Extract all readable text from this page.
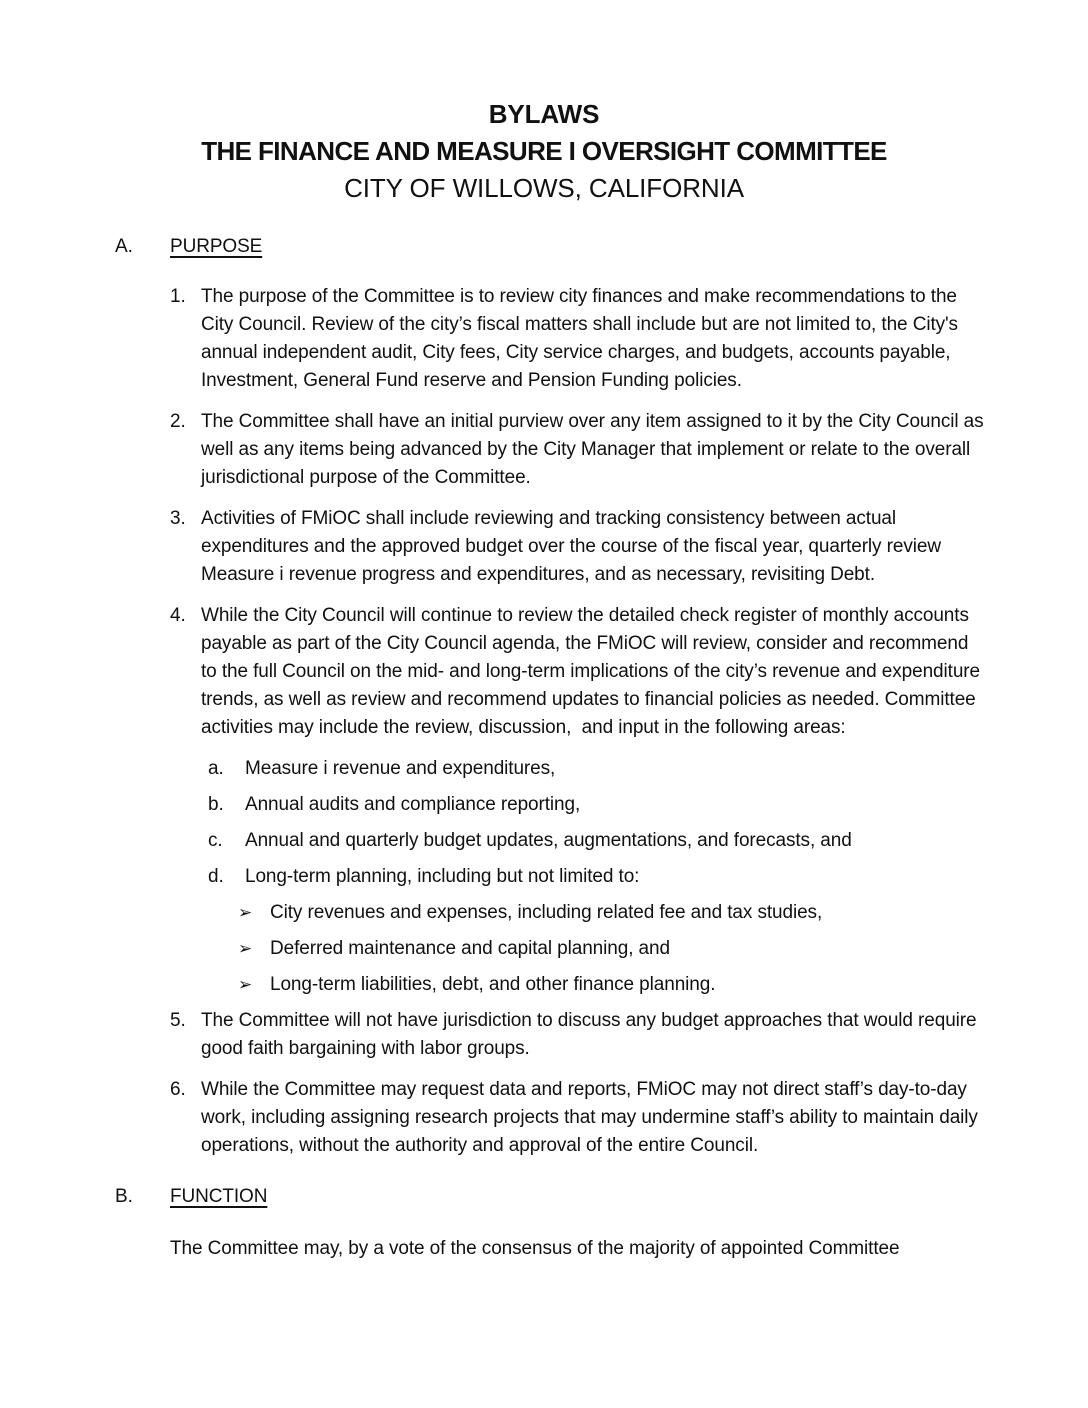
BYLAWS
THE FINANCE AND MEASURE I OVERSIGHT COMMITTEE
CITY OF WILLOWS, CALIFORNIA
A.	PURPOSE
1. The purpose of the Committee is to review city finances and make recommendations to the City Council. Review of the city’s fiscal matters shall include but are not limited to, the City's annual independent audit, City fees, City service charges, and budgets, accounts payable, Investment, General Fund reserve and Pension Funding policies.
2. The Committee shall have an initial purview over any item assigned to it by the City Council as well as any items being advanced by the City Manager that implement or relate to the overall jurisdictional purpose of the Committee.
3. Activities of FMiOC shall include reviewing and tracking consistency between actual expenditures and the approved budget over the course of the fiscal year, quarterly review Measure i revenue progress and expenditures, and as necessary, revisiting Debt.
4. While the City Council will continue to review the detailed check register of monthly accounts payable as part of the City Council agenda, the FMiOC will review, consider and recommend to the full Council on the mid- and long-term implications of the city’s revenue and expenditure trends, as well as review and recommend updates to financial policies as needed. Committee activities may include the review, discussion,  and input in the following areas:
a.	Measure i revenue and expenditures,
b.	Annual audits and compliance reporting,
c.	Annual and quarterly budget updates, augmentations, and forecasts, and
d.	Long-term planning, including but not limited to:
➢ City revenues and expenses, including related fee and tax studies,
➢ Deferred maintenance and capital planning, and
➢ Long-term liabilities, debt, and other finance planning.
5. The Committee will not have jurisdiction to discuss any budget approaches that would require good faith bargaining with labor groups.
6. While the Committee may request data and reports, FMiOC may not direct staff’s day-to-day work, including assigning research projects that may undermine staff’s ability to maintain daily operations, without the authority and approval of the entire Council.
B.	FUNCTION
The Committee may, by a vote of the consensus of the majority of appointed Committee
